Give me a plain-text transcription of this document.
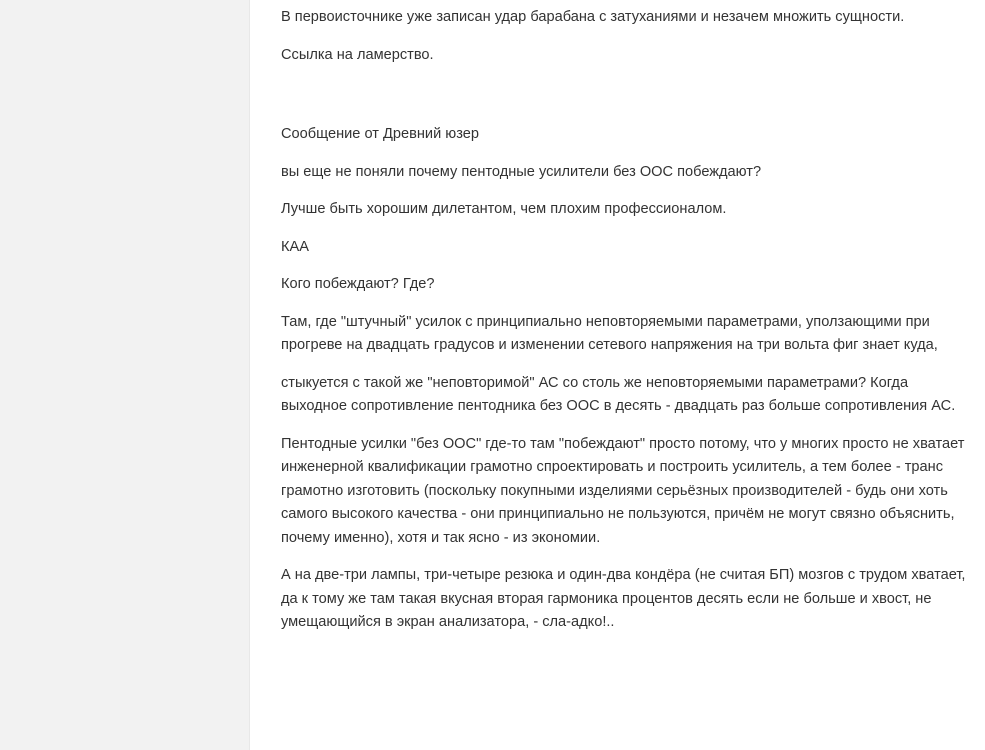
В первоисточнике уже записан удар барабана с затуханиями и незачем множить сущности.

Ссылка на ламерство.

Сообщение от Древний юзер

вы еще не поняли почему пентодные усилители без ООС побеждают?

Лучше быть хорошим дилетантом, чем плохим профессионалом.

КАА

Кого побеждают? Где?

Там, где "штучный" усилок с принципиально неповторяемыми параметрами, уползающими при прогреве на двадцать градусов и изменении сетевого напряжения на три вольта фиг знает куда,

стыкуется с такой же "неповторимой" АС со столь же неповторяемыми параметрами? Когда выходное сопротивление пентодника без ООС в десять - двадцать раз больше сопротивления АС.

Пентодные усилки "без ООС" где-то там "побеждают" просто потому, что у многих просто не хватает инженерной квалификации грамотно спроектировать и построить усилитель, а тем более - транс грамотно изготовить (поскольку покупными изделиями серьёзных производителей - будь они хоть самого высокого качества - они принципиально не пользуются, причём не могут связно объяснить, почему именно), хотя и так ясно - из экономии.

А на две-три лампы, три-четыре резюка и один-два кондёра (не считая БП) мозгов с трудом хватает, да к тому же там такая вкусная вторая гармоника процентов десять если не больше и хвост, не умещающийся в экран анализатора, - сла-адко!..
